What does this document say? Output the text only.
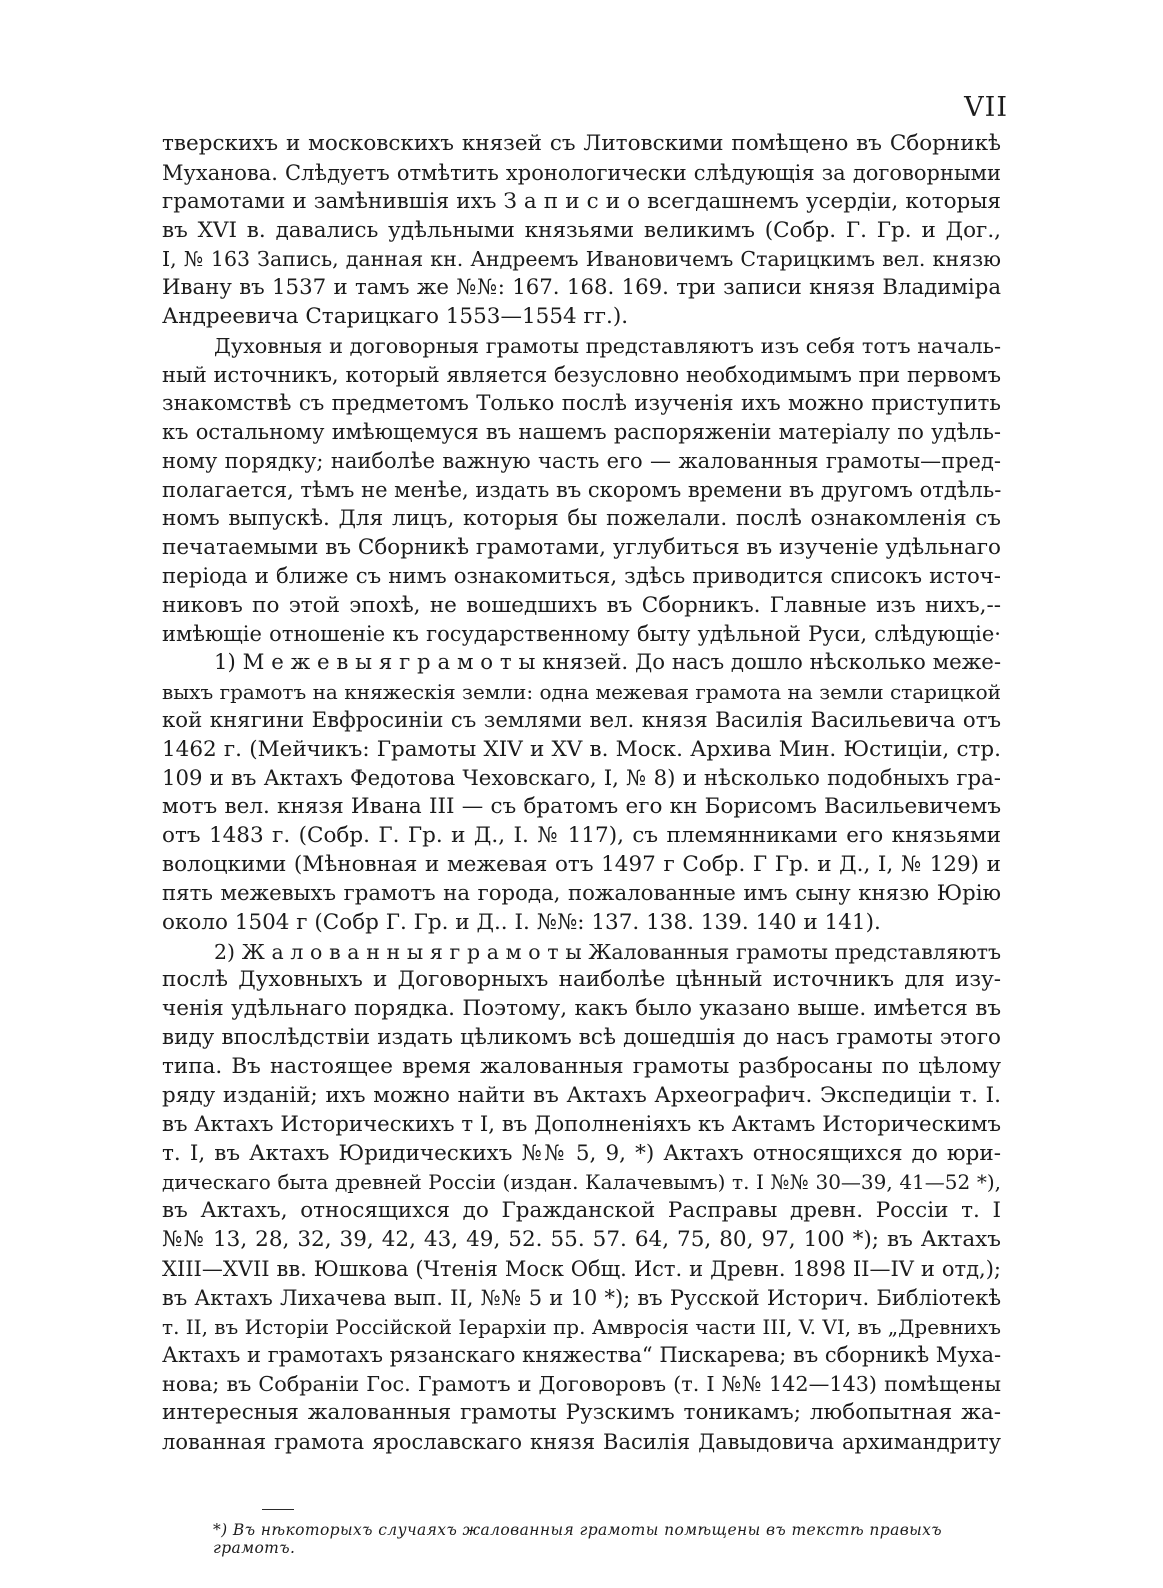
VII
тверскихъ и московскихъ князей съ Литовскими помѣщено въ Сборникѣ
Муханова. Слѣдуетъ отмѣтить хронологически слѣдующія за договорными
грамотами и замѣнившія ихъ З а п и с и о всегдашнемъ усердіи, которыя
въ XVI в. давались удѣльными князьями великимъ (Собр. Г. Гр. и Дог.,
I, № 163 Запись, данная кн. Андреемъ Ивановичемъ Старицкимъ вел. князю
Ивану въ 1537 и тамъ же №№: 167. 168. 169. три записи князя Владиміра
Андреевича Старицкаго 1553—1554 гг.).
Духовныя и договорныя грамоты представляютъ изъ себя тотъ началь-
ный источникъ, который является безусловно необходимымъ при первомъ
знакомствѣ съ предметомъ Только послѣ изученія ихъ можно приступить
къ остальному имѣющемуся въ нашемъ распоряженіи матеріалу по удѣль-
ному порядку; наиболѣе важную часть его — жалованныя грамоты—пред-
полагается, тѣмъ не менѣе, издать въ скоромъ времени въ другомъ отдѣль-
номъ выпускѣ. Для лицъ, которыя бы пожелали. послѣ ознакомленія съ
печатаемыми въ Сборникѣ грамотами, углубиться въ изученіе удѣльнаго
періода и ближе съ нимъ ознакомиться, здѣсь приводится списокъ источ-
никовъ по этой эпохѣ, не вошедшихъ въ Сборникъ. Главные изъ нихъ,--
имѣющіе отношеніе къ государственному быту удѣльной Руси, слѣдующіе·
1) М е ж е в ы я г р а м о т ы князей. До насъ дошло нѣсколько меже-
выхъ грамотъ на княжескія земли: одна межевая грамота на земли старицкой
кой княгини Евфросиніи съ землями вел. князя Василія Васильевича отъ
1462 г. (Мейчикъ: Грамоты XIV и XV в. Моск. Архива Мин. Юстиціи, стр.
109 и въ Актахъ Федотова Чеховскаго, I, № 8) и нѣсколько подобныхъ гра-
мотъ вел. князя Ивана III — съ братомъ его кн Борисомъ Васильевичемъ
отъ 1483 г. (Собр. Г. Гр. и Д., I. № 117), съ племянниками его князьями
волоцкими (Мѣновная и межевая отъ 1497 г Собр. Г Гр. и Д., I, № 129) и
пять межевыхъ грамотъ на города, пожалованные имъ сыну князю Юрію
около 1504 г (Собр Г. Гр. и Д.. I. №№: 137. 138. 139. 140 и 141).
2) Ж а л о в а н н ы я г р а м о т ы Жалованныя грамоты представляютъ
послѣ Духовныхъ и Договорныхъ наиболѣе цѣнный источникъ для изу-
ченія удѣльнаго порядка. Поэтому, какъ было указано выше. имѣется въ
виду впослѣдствіи издать цѣликомъ всѣ дошедшія до насъ грамоты этого
типа. Въ настоящее время жалованныя грамоты разбросаны по цѣлому
ряду изданій; ихъ можно найти въ Актахъ Археографич. Экспедиціи т. I.
въ Актахъ Историческихъ т I, въ Дополненіяхъ къ Актамъ Историческимъ
т. I, въ Актахъ Юридическихъ №№ 5, 9, *) Актахъ относящихся до юри-
дическаго быта древней Россіи (издан. Калачевымъ) т. I №№ 30—39, 41—52 *),
въ Актахъ, относящихся до Гражданской Расправы древн. Россіи т. I
№№ 13, 28, 32, 39, 42, 43, 49, 52. 55. 57. 64, 75, 80, 97, 100 *); въ Актахъ
XIII—XVII вв. Юшкова (Чтенія Моск Общ. Ист. и Древн. 1898 II—IV и отд,);
въ Актахъ Лихачева вып. II, №№ 5 и 10 *); въ Русской Историч. Библіотекѣ
т. II, въ Исторіи Россійской Іерархіи пр. Амвросія части III, V. VI, въ „Древнихъ
Актахъ и грамотахъ рязанскаго княжества“ Пискарева; въ сборникѣ Муха-
нова; въ Собраніи Гос. Грамотъ и Договоровъ (т. I №№ 142—143) помѣщены
интересныя жалованныя грамоты Рузскимъ тоникамъ; любопытная жа-
лованная грамота ярославскаго князя Василія Давыдовича архимандриту
*) Въ нѣкоторыхъ случаяхъ жалованныя грамоты помѣщены въ текстѣ правыхъ грамотъ.
